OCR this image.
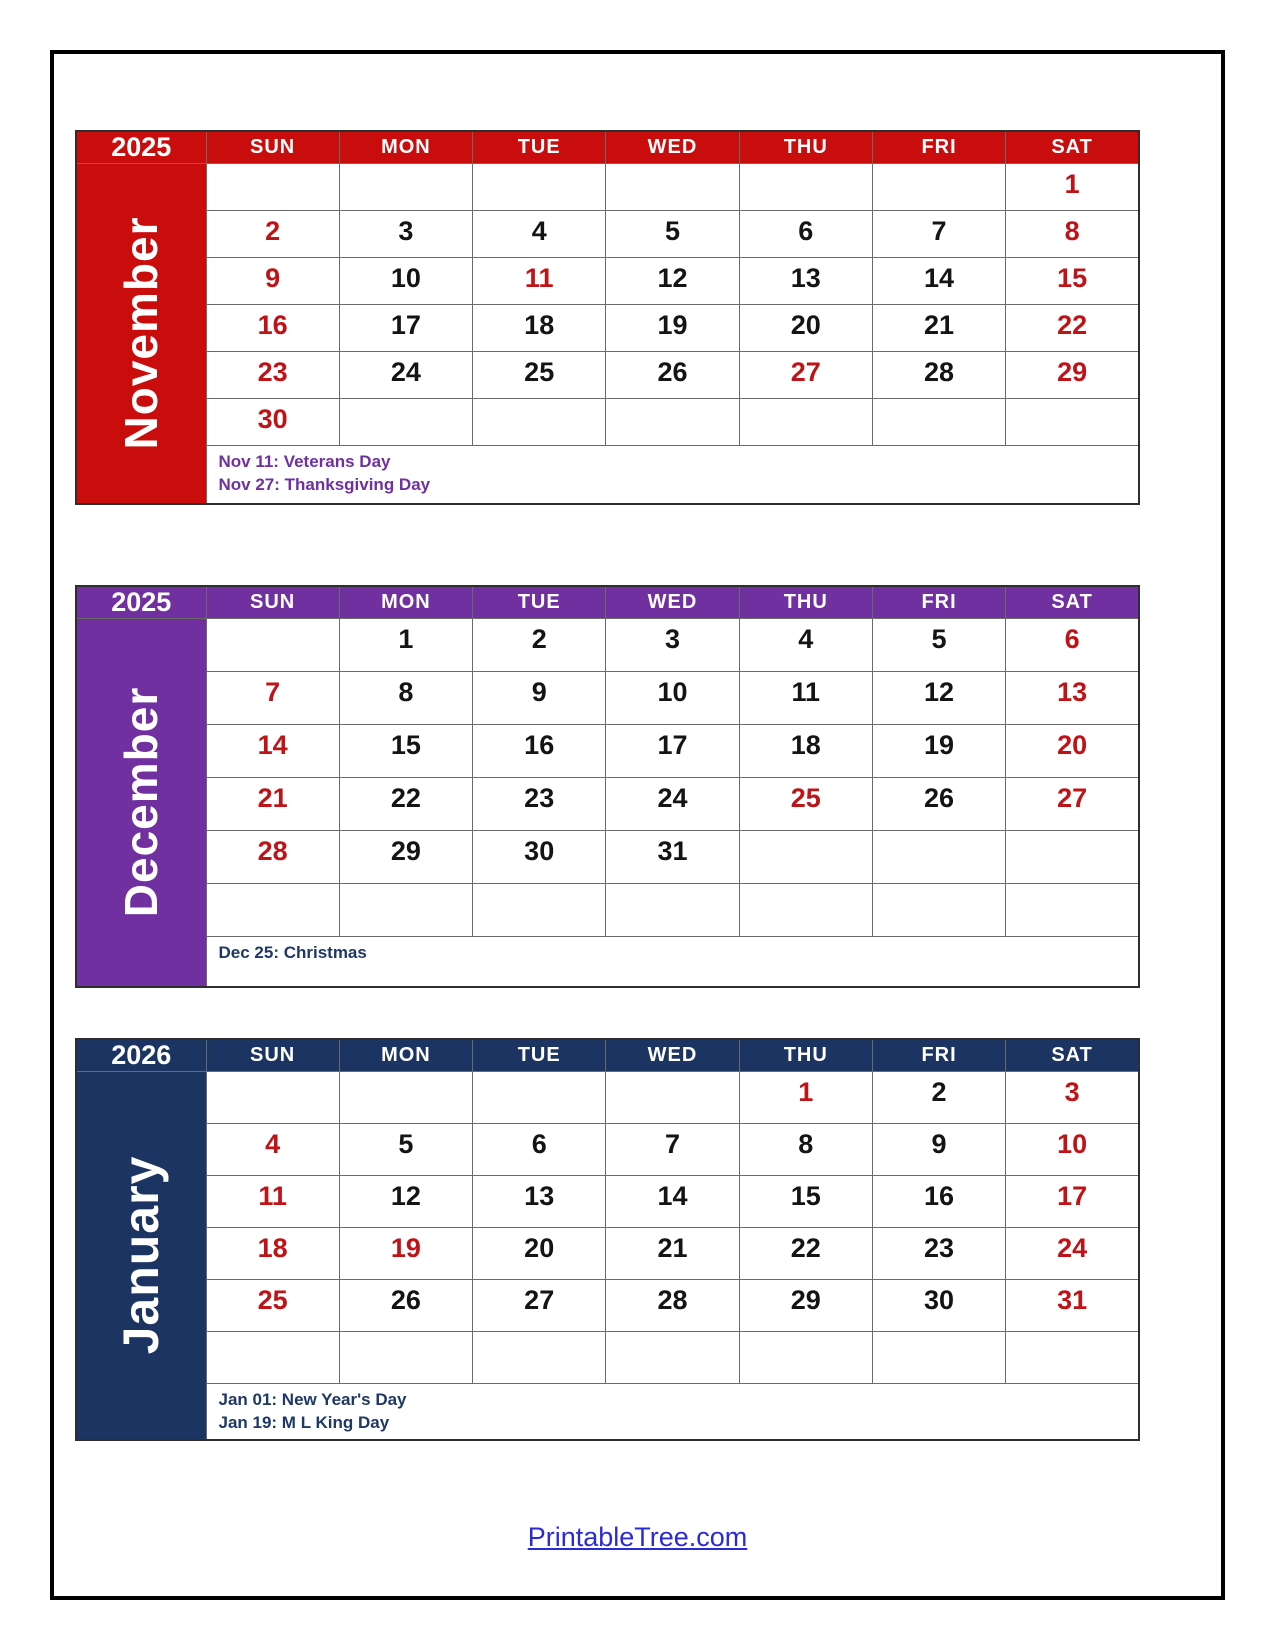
2025	SUN	MON	TUE	WED	THU	FRI	SAT

November							1
	2	3	4	5	6	7	8
	9	10	11	12	13	14	15
	16	17	18	19	20	21	22
	23	24	25	26	27	28	29
	30						

	Nov 11: Veterans Day
Nov 27: Thanksgiving Day						
2025	SUN	MON	TUE	WED	THU	FRI	SAT

December		1	2	3	4	5	6
	7	8	9	10	11	12	13
	14	15	16	17	18	19	20
	21	22	23	24	25	26	27
	28	29	30	31			

	Dec 25: Christmas						
2026	SUN	MON	TUE	WED	THU	FRI	SAT

January					1	2	3
	4	5	6	7	8	9	10
	11	12	13	14	15	16	17
	18	19	20	21	22	23	24
	25	26	27	28	29	30	31

	Jan 01: New Year's Day
Jan 19: M L King Day						
PrintableTree.com
